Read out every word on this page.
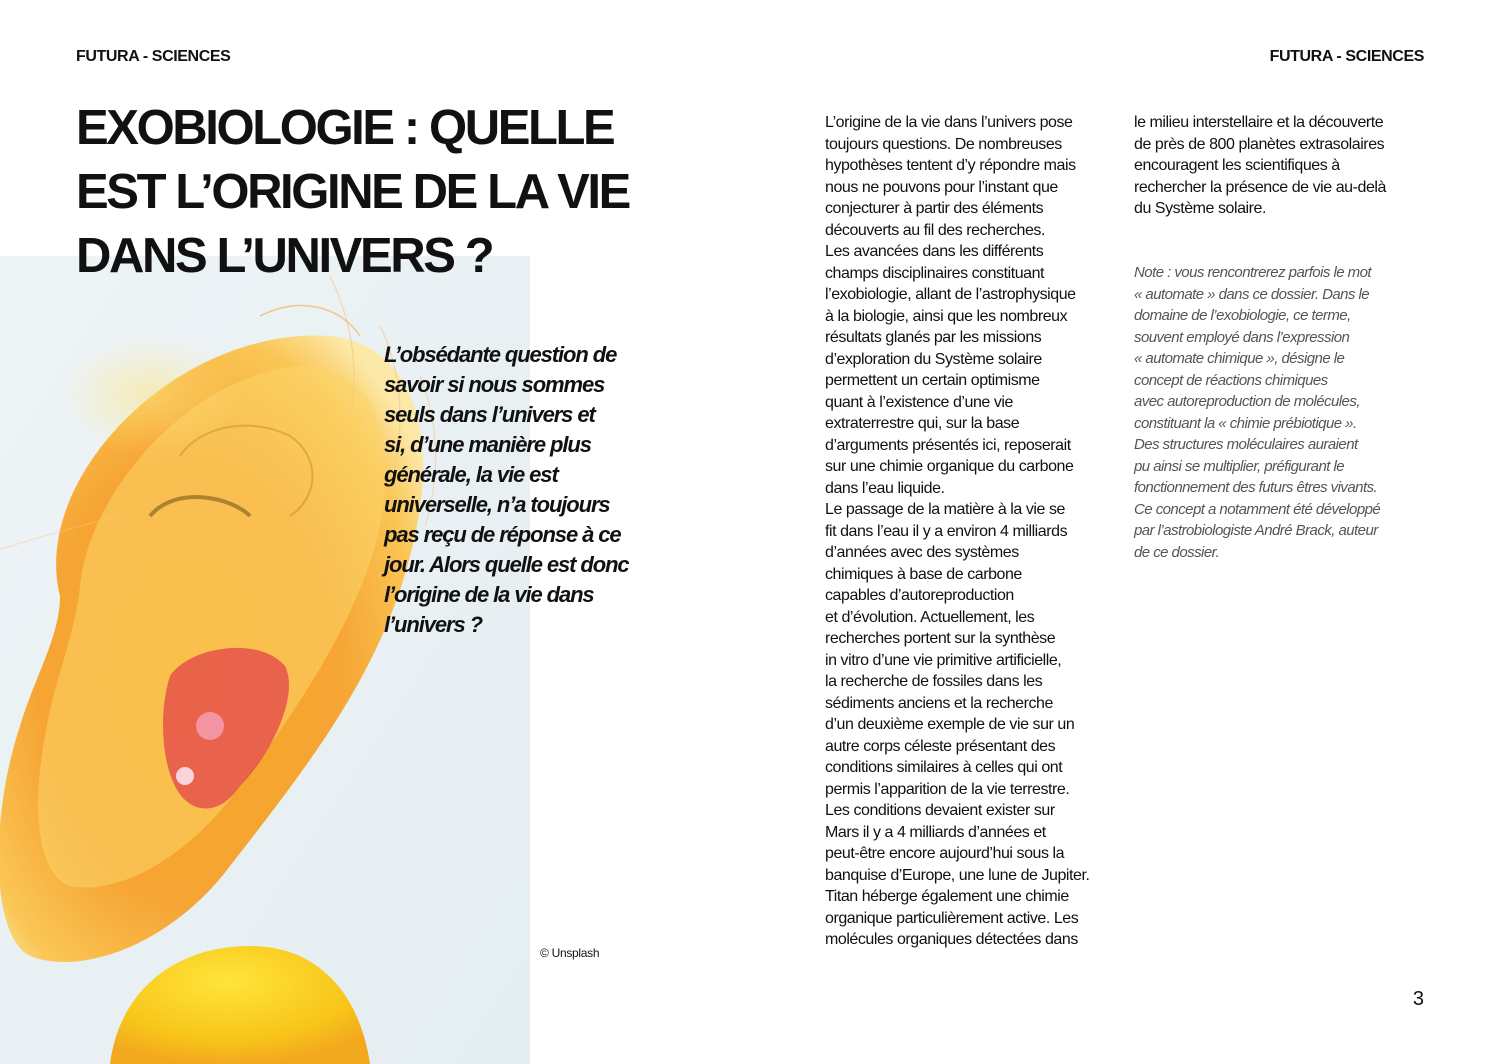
FUTURA - SCIENCES	FUTURA - SCIENCES
EXOBIOLOGIE : QUELLE
EST L’ORIGINE DE LA VIE
DANS L’UNIVERS ?
L’obsédante question de
savoir si nous sommes
seuls dans l’univers et
si, d’une manière plus
générale, la vie est
universelle, n’a toujours
pas reçu de réponse à ce
jour. Alors quelle est donc
l’origine de la vie dans
l’univers ?
© Unsplash
L’origine de la vie dans l’univers pose
toujours questions. De nombreuses
hypothèses tentent d’y répondre mais
nous ne pouvons pour l’instant que
conjecturer à partir des éléments
découverts au fil des recherches.
Les avancées dans les différents
champs disciplinaires constituant
l’exobiologie, allant de l’astrophysique
à la biologie, ainsi que les nombreux
résultats glanés par les missions
d’exploration du Système solaire
permettent un certain optimisme
quant à l’existence d’une vie
extraterrestre qui, sur la base
d’arguments présentés ici, reposerait
sur une chimie organique du carbone
dans l’eau liquide.
Le passage de la matière à la vie se
fit dans l’eau il y a environ 4 milliards
d’années avec des systèmes
chimiques à base de carbone
capables d’autoreproduction
et d’évolution. Actuellement, les
recherches portent sur la synthèse
in vitro d’une vie primitive artificielle,
la recherche de fossiles dans les
sédiments anciens et la recherche
d’un deuxième exemple de vie sur un
autre corps céleste présentant des
conditions similaires à celles qui ont
permis l’apparition de la vie terrestre.
Les conditions devaient exister sur
Mars il y a 4 milliards d’années et
peut-être encore aujourd’hui sous la
banquise d’Europe, une lune de Jupiter.
Titan héberge également une chimie
organique particulièrement active. Les
molécules organiques détectées dans
le milieu interstellaire et la découverte
de près de 800 planètes extrasolaires
encouragent les scientifiques à
rechercher la présence de vie au-delà
du Système solaire.
Note : vous rencontrerez parfois le mot
« automate » dans ce dossier. Dans le
domaine de l’exobiologie, ce terme,
souvent employé dans l’expression
« automate chimique », désigne le
concept de réactions chimiques
avec autoreproduction de molécules,
constituant la « chimie prébiotique ».
Des structures moléculaires auraient
pu ainsi se multiplier, préfigurant le
fonctionnement des futurs êtres vivants.
Ce concept a notamment été développé
par l’astrobiologiste André Brack, auteur
de ce dossier.
3
